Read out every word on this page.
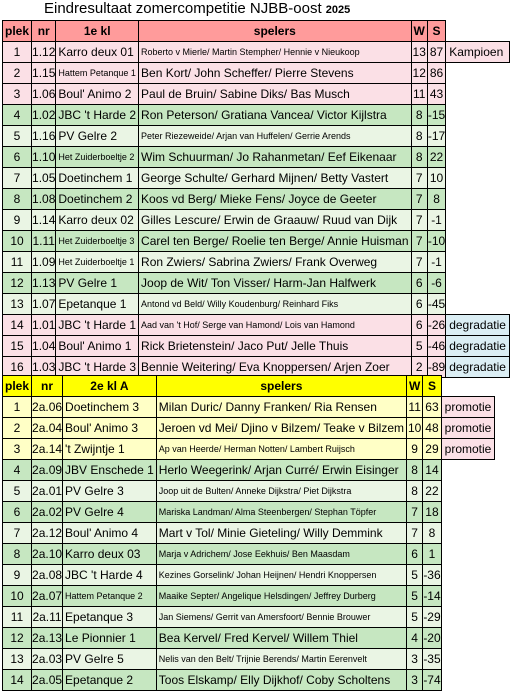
Eindresultaat zomercompetitie NJBB-oost 2025
plek	nr	1e kl	spelers	W	S	
1	1.12	Karro deux 01	Roberto v Mierle/ Martin Stempher/ Hennie v Nieukoop	13	87	Kampioen
2	1.15	Hattem Petanque 1	Ben Kort/ John Scheffer/ Pierre Stevens	12	86	
3	1.06	Boul' Animo 2	Paul de Bruin/ Sabine Diks/ Bas Musch	11	43	
4	1.02	JBC 't Harde 2	Ron Peterson/ Gratiana Vancea/ Victor Kijlstra	8	-15	
5	1.16	PV Gelre 2	Peter Riezeweide/ Arjan van Huffelen/ Gerrie Arends	8	-17	
6	1.10	Het Zuiderboeltje 2	Wim Schuurman/ Jo Rahanmetan/ Eef Eikenaar	8	22	
7	1.05	Doetinchem 1	George Schulte/ Gerhard Mijnen/ Betty Vastert	7	10	
8	1.08	Doetinchem 2	Koos vd Berg/ Mieke Fens/ Joyce de Geeter	7	8	
9	1.14	Karro deux 02	Gilles Lescure/ Erwin de Graauw/ Ruud van Dijk	7	-1	
10	1.11	Het Zuiderboeltje 3	Carel ten Berge/ Roelie ten Berge/ Annie Huisman	7	-10	
11	1.09	Het Zuiderboeltje 1	Ron Zwiers/ Sabrina Zwiers/ Frank Overweg	7	-1	
12	1.13	PV Gelre 1	Joop de Wit/ Ton Visser/ Harm-Jan Halfwerk	6	-6	
13	1.07	Epetanque 1	Antond vd Beld/ Willy Koudenburg/ Reinhard Fiks	6	-45	
14	1.01	JBC 't Harde 1	Aad van 't Hof/ Serge van Hamond/ Lois van Hamond	6	-26	degradatie
15	1.04	Boul' Animo 1	Rick Brietenstein/ Jaco Put/ Jelle Thuis	5	-46	degradatie
16	1.03	JBC 't Harde 3	Bennie Weitering/ Eva Knoppersen/ Arjen Zoer	2	-89	degradatie
plek	nr	2e kl A	spelers	W	S	
1	2a.06	Doetinchem 3	Milan Duric/ Danny Franken/ Ria Rensen	11	63	promotie
2	2a.04	Boul' Animo 3	Jeroen vd Mei/ Djino v Bilzem/ Teake v Bilzem	10	48	promotie
3	2a.14	't Zwijntje 1	Ap van Heerde/ Herman Notten/ Lambert Ruijsch	9	29	promotie
4	2a.09	JBV Enschede 1	Herlo Weegerink/ Arjan Curré/ Erwin Eisinger	8	14	
5	2a.01	PV Gelre 3	Joop uit de Bulten/ Anneke Dijkstra/ Piet Dijkstra	8	22	
6	2a.02	PV Gelre 4	Mariska Landman/ Alma Steenbergen/ Stephan Töpfer	7	18	
7	2a.12	Boul' Animo 4	Mart v Tol/ Minie Gieteling/ Willy Demmink	7	8	
8	2a.10	Karro deux 03	Marja v Adrichem/ Jose Eekhuis/ Ben Maasdam	6	1	
9	2a.08	JBC 't Harde 4	Kezines Gorselink/ Johan Heijnen/ Hendri Knoppersen	5	-36	
10	2a.07	Hattem Petanque 2	Maaike Septer/ Angelique Helsdingen/ Jeffrey Durberg	5	-14	
11	2a.11	Epetanque 3	Jan Siemens/ Gerrit van Amersfoort/ Bennie Brouwer	5	-29	
12	2a.13	Le Pionnier 1	Bea Kervel/ Fred Kervel/ Willem Thiel	4	-20	
13	2a.03	PV Gelre 5	Nelis van den Belt/ Trijnie Berends/ Martin Eerenvelt	3	-35	
14	2a.05	Epetanque 2	Toos Elskamp/ Elly Dijkhof/ Coby Scholtens	3	-74	
